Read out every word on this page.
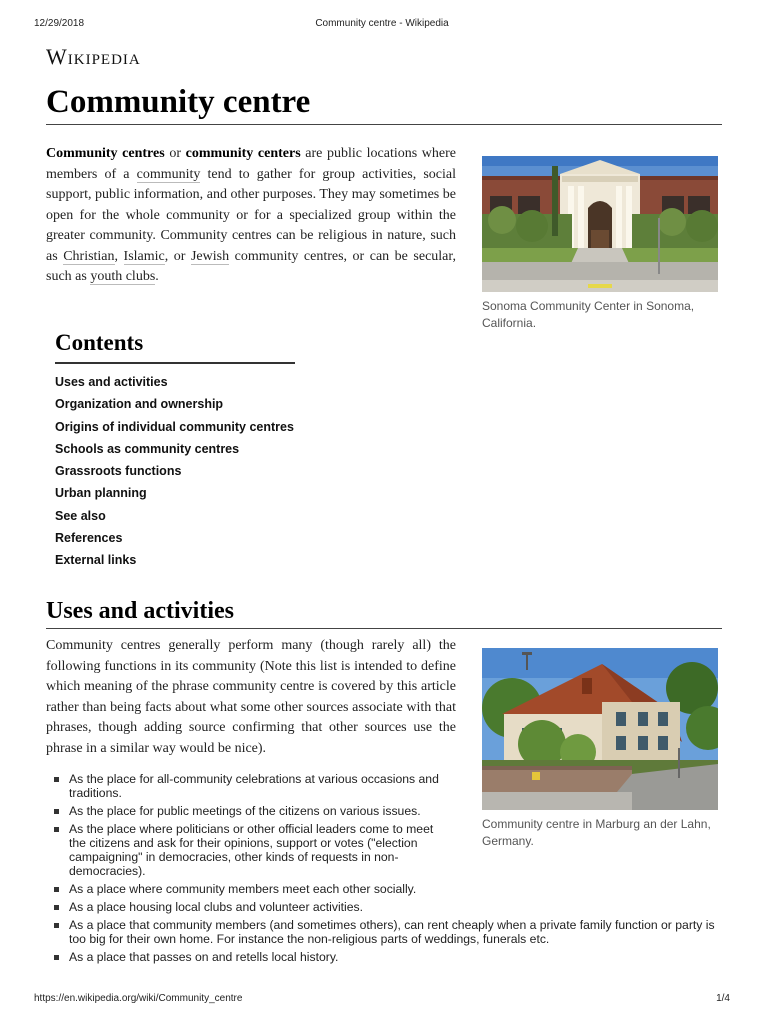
12/29/2018	Community centre - Wikipedia
Wikipedia
Community centre

Community centres or community centers are public locations where members of a community tend to gather for group activities, social support, public information, and other purposes. They may sometimes be open for the whole community or for a specialized group within the greater community. Community centres can be religious in nature, such as Christian, Islamic, or Jewish community centres, or can be secular, such as youth clubs.

Sonoma Community Center in Sonoma, California.
Contents
Uses and activities
Organization and ownership
Origins of individual community centres
Schools as community centres
Grassroots functions
Urban planning
See also
References
External links
Uses and activities

Community centres generally perform many (though rarely all) the following functions in its community (Note this list is intended to define which meaning of the phrase community centre is covered by this article rather than being facts about what some other sources associate with that phrases, though adding source confirming that other sources use the phrase in a similar way would be nice).

Community centre in Marburg an der Lahn, Germany.
As the place for all-community celebrations at various occasions and traditions.
As the place for public meetings of the citizens on various issues.
As the place where politicians or other official leaders come to meet the citizens and ask for their opinions, support or votes ("election campaigning" in democracies, other kinds of requests in non-democracies).
As a place where community members meet each other socially.
As a place housing local clubs and volunteer activities.
As a place that community members (and sometimes others), can rent cheaply when a private family function or party is too big for their own home. For instance the non-religious parts of weddings, funerals etc.
As a place that passes on and retells local history.
https://en.wikipedia.org/wiki/Community_centre	1/4
